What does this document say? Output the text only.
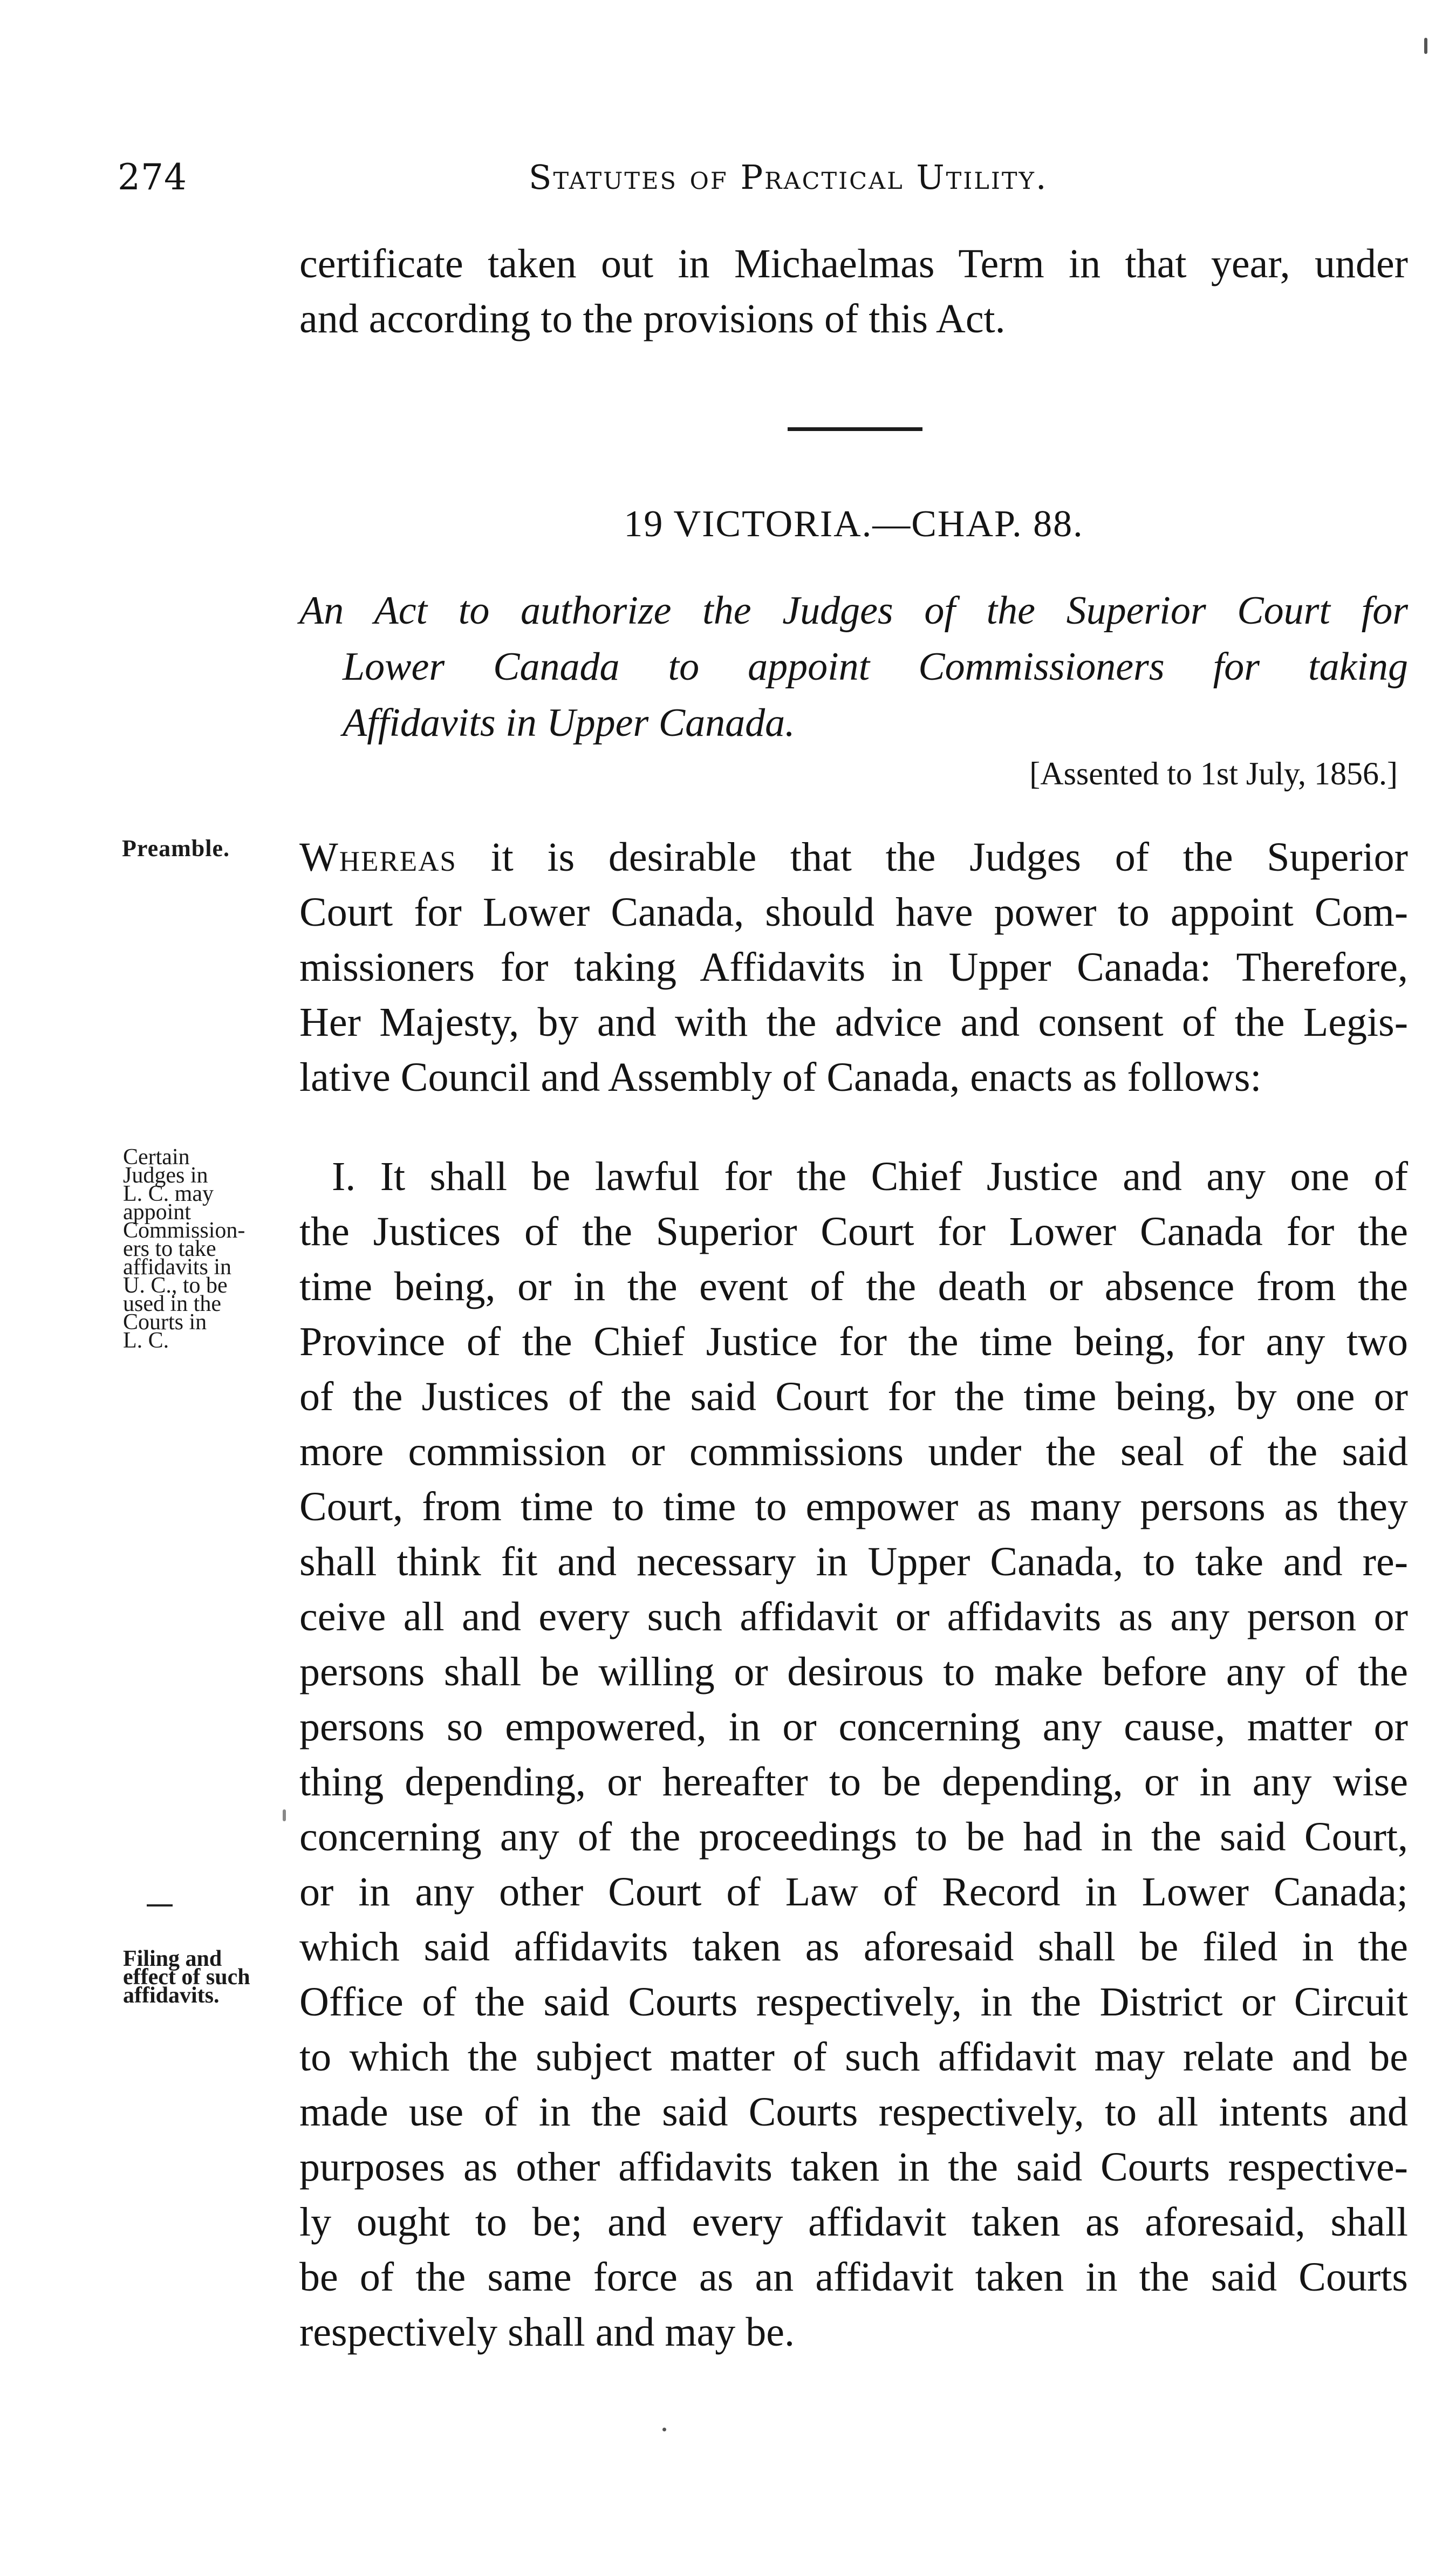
274	Statutes of Practical Utility.
certificate taken out in Michaelmas Term in that year, under
and according to the provisions of this Act.
19 VICTORIA.—CHAP. 88.
An Act to authorize the Judges of the Superior Court for
Lower Canada to appoint Commissioners for taking
Affidavits in Upper Canada.
[Assented to 1st July, 1856.]
Preamble.
Certain
Judges in
L. C. may
appoint
Commission-
ers to take
affidavits in
U. C., to be
used in the
Courts in
L. C.
Filing and
effect of such
affidavits.
Whereas it is desirable that the Judges of the Superior
Court for Lower Canada, should have power to appoint Com-
missioners for taking Affidavits in Upper Canada: Therefore,
Her Majesty, by and with the advice and consent of the Legis-
lative Council and Assembly of Canada, enacts as follows:
I. It shall be lawful for the Chief Justice and any one of
the Justices of the Superior Court for Lower Canada for the
time being, or in the event of the death or absence from the
Province of the Chief Justice for the time being, for any two
of the Justices of the said Court for the time being, by one or
more commission or commissions under the seal of the said
Court, from time to time to empower as many persons as they
shall think fit and necessary in Upper Canada, to take and re-
ceive all and every such affidavit or affidavits as any person or
persons shall be willing or desirous to make before any of the
persons so empowered, in or concerning any cause, matter or
thing depending, or hereafter to be depending, or in any wise
concerning any of the proceedings to be had in the said Court,
or in any other Court of Law of Record in Lower Canada;
which said affidavits taken as aforesaid shall be filed in the
Office of the said Courts respectively, in the District or Circuit
to which the subject matter of such affidavit may relate and be
made use of in the said Courts respectively, to all intents and
purposes as other affidavits taken in the said Courts respective-
ly ought to be; and every affidavit taken as aforesaid, shall
be of the same force as an affidavit taken in the said Courts
respectively shall and may be.
